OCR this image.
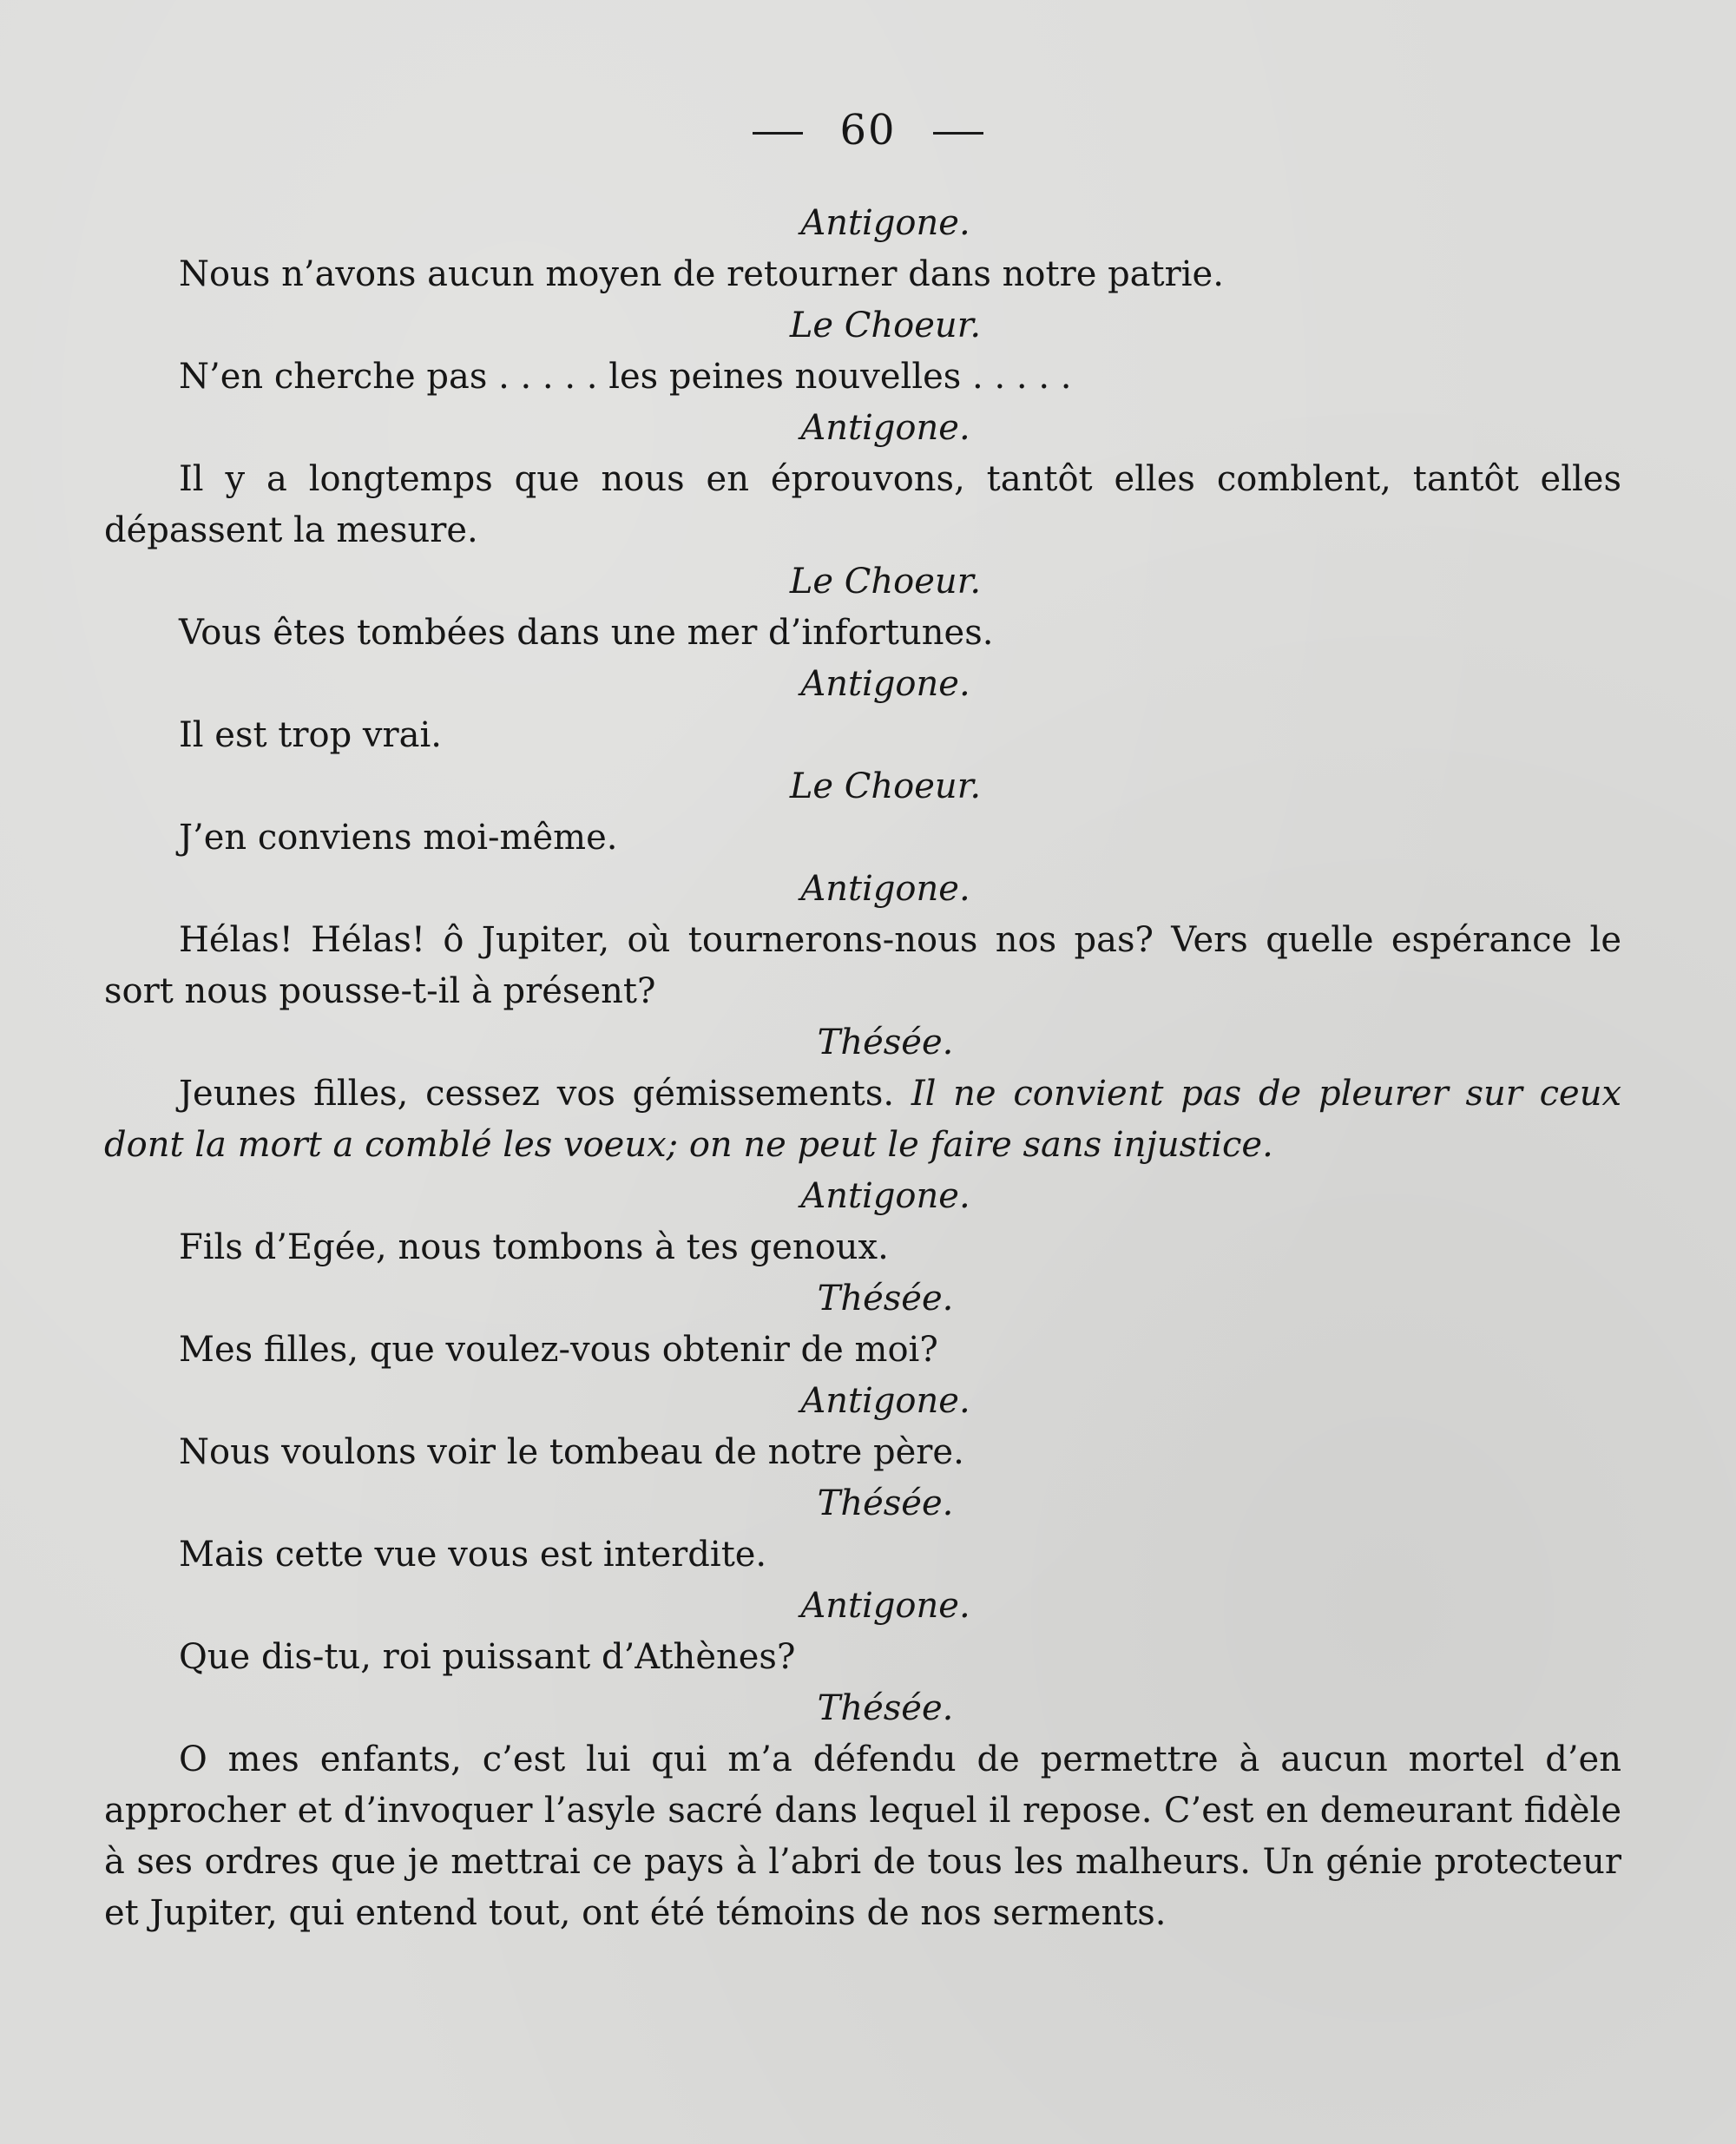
60
Antigone.
Nous n’avons aucun moyen de retourner dans notre patrie.
Le Choeur.
N’en cherche pas . . . . . les peines nouvelles . . . . .
Antigone.
Il y a longtemps que nous en éprouvons, tantôt elles comblent, tantôt elles dépassent la mesure.
Le Choeur.
Vous êtes tombées dans une mer d’infortunes.
Antigone.
Il est trop vrai.
Le Choeur.
J’en conviens moi-même.
Antigone.
Hélas! Hélas! ô Jupiter, où tournerons-nous nos pas? Vers quelle espérance le sort nous pousse-t-il à présent?
Thésée.
Jeunes filles, cessez vos gémissements. Il ne convient pas de pleurer sur ceux dont la mort a comblé les voeux; on ne peut le faire sans injustice.
Antigone.
Fils d’Egée, nous tombons à tes genoux.
Thésée.
Mes filles, que voulez-vous obtenir de moi?
Antigone.
Nous voulons voir le tombeau de notre père.
Thésée.
Mais cette vue vous est interdite.
Antigone.
Que dis-tu, roi puissant d’Athènes?
Thésée.
O mes enfants, c’est lui qui m’a défendu de permettre à aucun mortel d’en approcher et d’invoquer l’asyle sacré dans lequel il repose. C’est en demeurant fidèle à ses ordres que je mettrai ce pays à l’abri de tous les malheurs. Un génie protecteur et Jupiter, qui entend tout, ont été témoins de nos serments.
